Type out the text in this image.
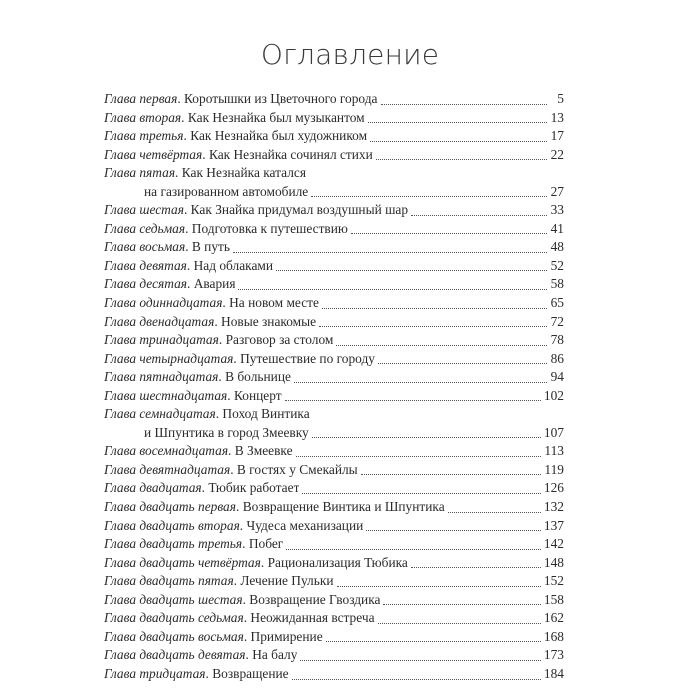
Оглавление
Глава первая. Коротышки из Цветочного города	5
Глава вторая. Как Незнайка был музыкантом	13
Глава третья. Как Незнайка был художником	17
Глава четвёртая. Как Незнайка сочинял стихи	22
Глава пятая. Как Незнайка катался
на газированном автомобиле	27
Глава шестая. Как Знайка придумал воздушный шар	33
Глава седьмая. Подготовка к путешествию	41
Глава восьмая. В путь	48
Глава девятая. Над облаками	52
Глава десятая. Авария	58
Глава одиннадцатая. На новом месте	65
Глава двенадцатая. Новые знакомые	72
Глава тринадцатая. Разговор за столом	78
Глава четырнадцатая. Путешествие по городу	86
Глава пятнадцатая. В больнице	94
Глава шестнадцатая. Концерт	102
Глава семнадцатая. Поход Винтика
и Шпунтика в город Змеевку	107
Глава восемнадцатая. В Змеевке	113
Глава девятнадцатая. В гостях у Смекайлы	119
Глава двадцатая. Тюбик работает	126
Глава двадцать первая. Возвращение Винтика и Шпунтика	132
Глава двадцать вторая. Чудеса механизации	137
Глава двадцать третья. Побег	142
Глава двадцать четвёртая. Рационализация Тюбика	148
Глава двадцать пятая. Лечение Пульки	152
Глава двадцать шестая. Возвращение Гвоздика	158
Глава двадцать седьмая. Неожиданная встреча	162
Глава двадцать восьмая. Примирение	168
Глава двадцать девятая. На балу	173
Глава тридцатая. Возвращение	184
